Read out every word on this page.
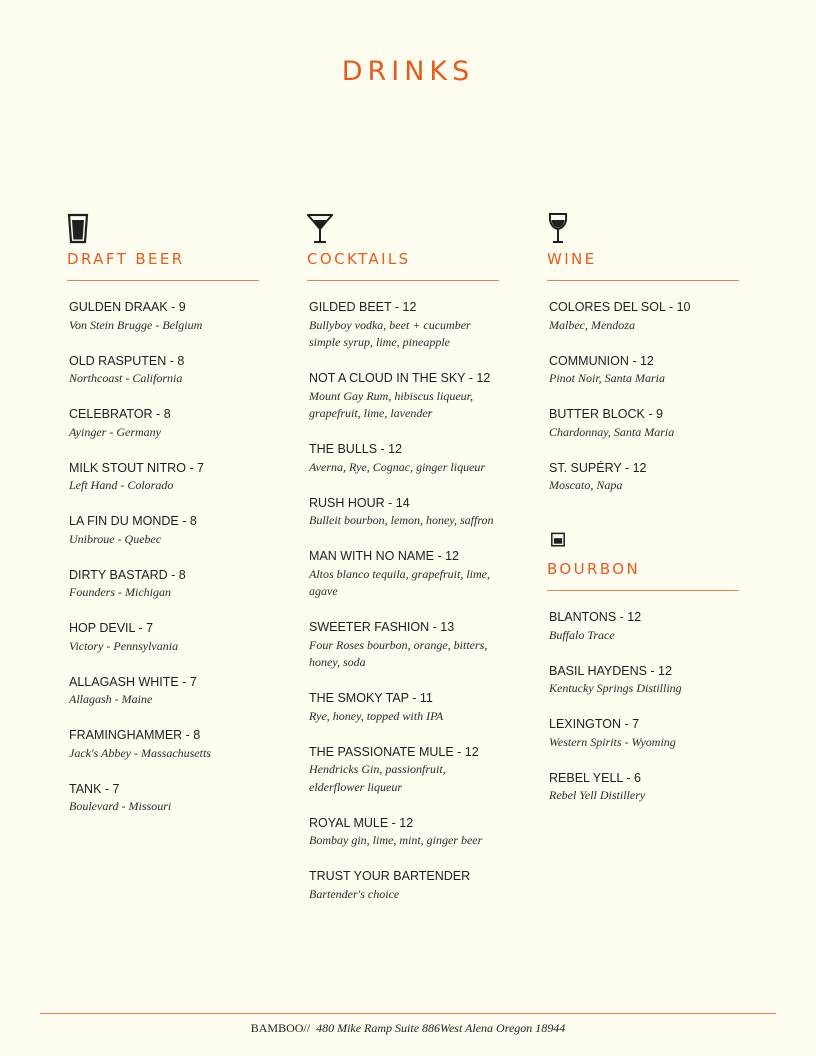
DRINKS
DRAFT BEER
GULDEN DRAAK - 9
Von Stein Brugge - Belgium
OLD RASPUTEN - 8
Northcoast - California
CELEBRATOR - 8
Ayinger - Germany
MILK STOUT NITRO - 7
Left Hand - Colorado
LA FIN DU MONDE - 8
Unibroue - Quebec
DIRTY BASTARD - 8
Founders - Michigan
HOP DEVIL - 7
Victory - Pennsylvania
ALLAGASH WHITE - 7
Allagash - Maine
FRAMINGHAMMER - 8
Jack's Abbey - Massachusetts
TANK - 7
Boulevard - Missouri
COCKTAILS
GILDED BEET - 12
Bullyboy vodka, beet + cucumber simple syrup, lime, pineapple
NOT A CLOUD IN THE SKY - 12
Mount Gay Rum, hibiscus liqueur, grapefruit, lime, lavender
THE BULLS - 12
Averna, Rye, Cognac, ginger liqueur
RUSH HOUR - 14
Bulleit bourbon, lemon, honey, saffron
MAN WITH NO NAME - 12
Altos blanco tequila, grapefruit, lime, agave
SWEETER FASHION - 13
Four Roses bourbon, orange, bitters, honey, soda
THE SMOKY TAP - 11
Rye, honey, topped with IPA
THE PASSIONATE MULE - 12
Hendricks Gin, passionfruit, elderflower liqueur
ROYAL MULE - 12
Bombay gin, lime, mint, ginger beer
TRUST YOUR BARTENDER
Bartender's choice
WINE
COLORES DEL SOL - 10
Malbec, Mendoza
COMMUNION - 12
Pinot Noir, Santa Maria
BUTTER BLOCK - 9
Chardonnay, Santa Maria
ST. SUPÉRY - 12
Moscato, Napa
BOURBON
BLANTONS - 12
Buffalo Trace
BASIL HAYDENS - 12
Kentucky Springs Distilling
LEXINGTON - 7
Western Spirits - Wyoming
REBEL YELL - 6
Rebel Yell Distillery
BAMBOO// 480 Mike Ramp Suite 886West Alena Oregon 18944
